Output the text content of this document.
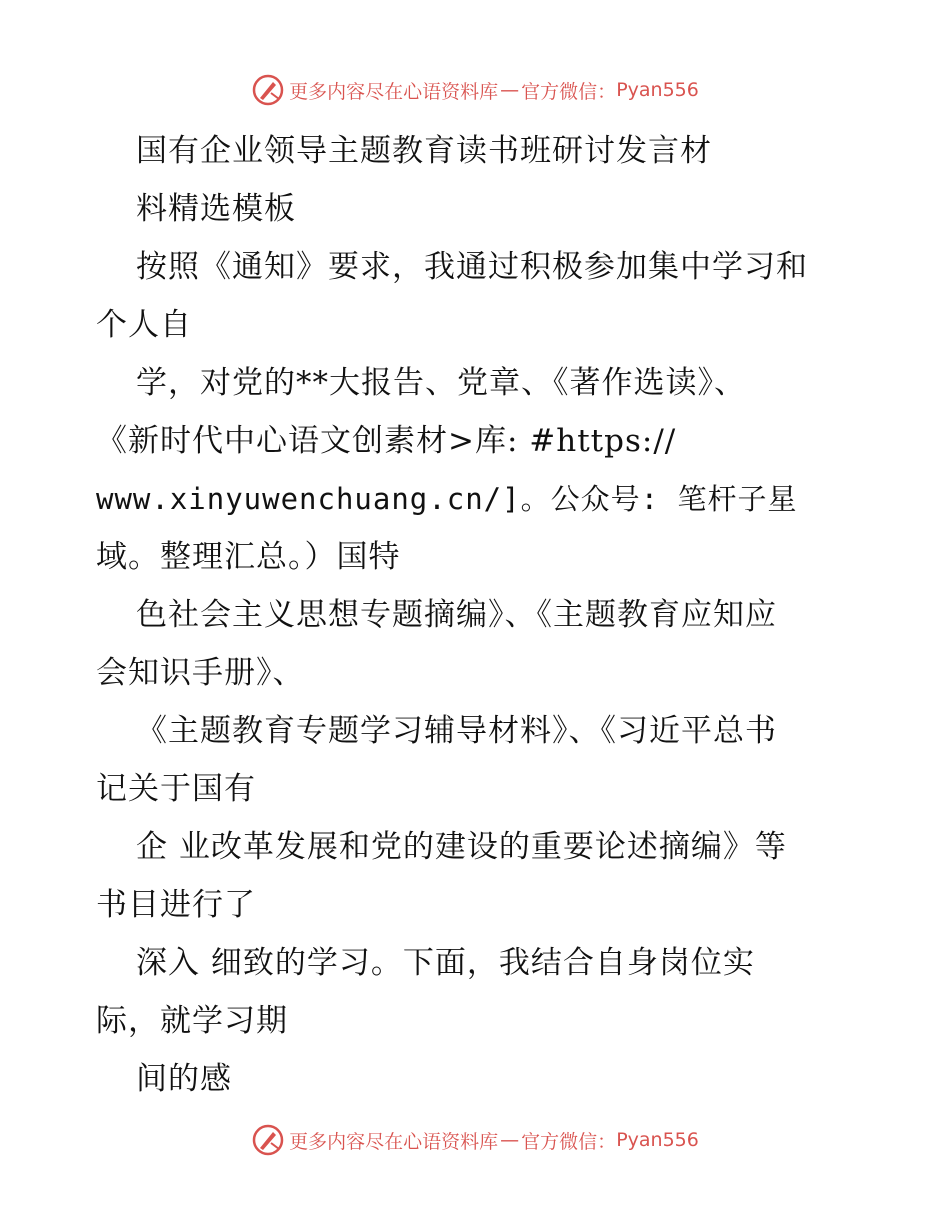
更多内容尽在心语资料库 — 官方微信： Pyan556
国有企业领导主题教育读书班研讨发言材
料精选模板
按照《通知》要求，我通过积极参加集中学习和
个人自
学，对党的**大报告、党章、《著作选读》、
《新时代中心语文创素材>库: #https://
www.xinyuwenchuang.cn/]。公众号: 笔杆子星
域。整理汇总。）国特
色社会主义思想专题摘编》、《主题教育应知应
会知识手册》、
《主题教育专题学习辅导材料》、《习近平总书
记关于国有
企 业改革发展和党的建设的重要论述摘编》等
书目进行了
深入 细致的学习。下面，我结合自身岗位实
际，就学习期
间的感
更多内容尽在心语资料库 — 官方微信： Pyan556
